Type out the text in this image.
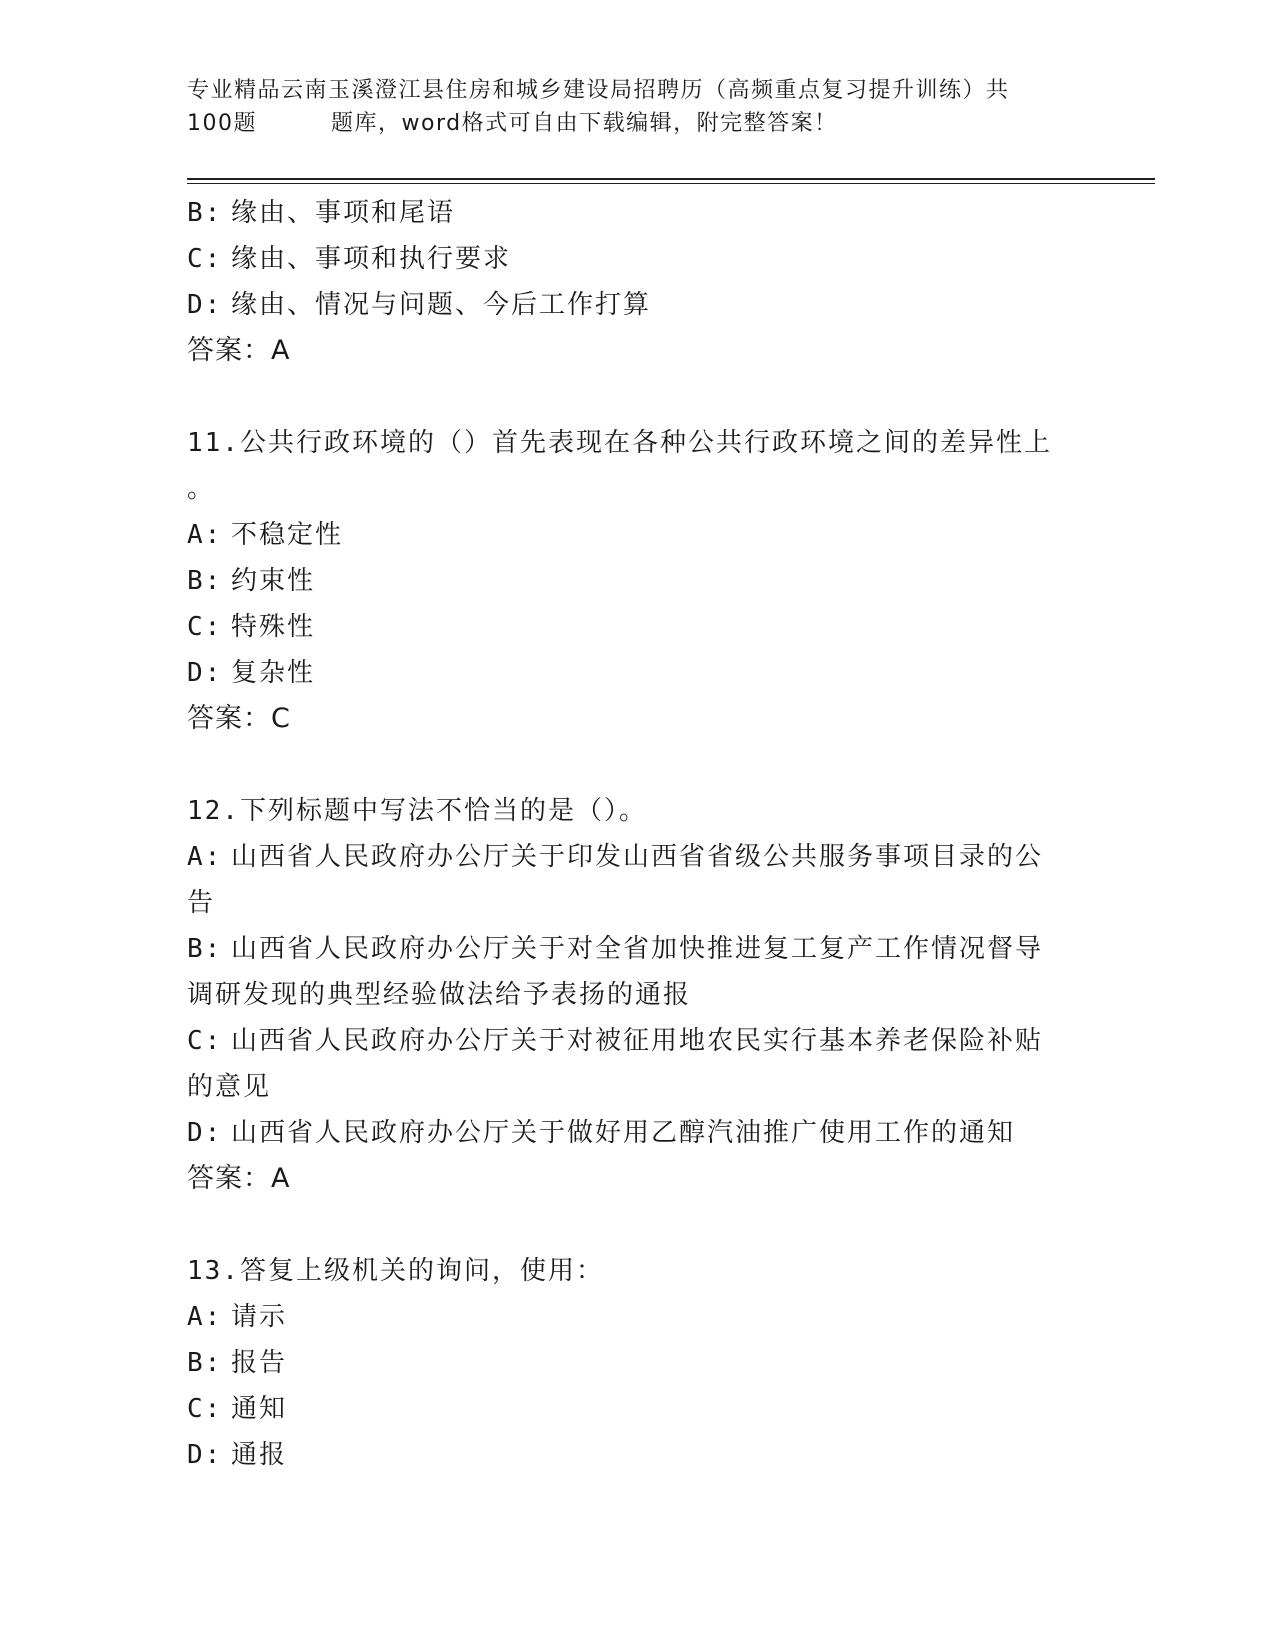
专业精品云南玉溪澄江县住房和城乡建设局招聘历（高频重点复习提升训练）共
100题	题库，word格式可自由下载编辑，附完整答案！
B: 缘由、事项和尾语
C: 缘由、事项和执行要求
D: 缘由、情况与问题、今后工作打算
答案：A
11.公共行政环境的（）首先表现在各种公共行政环境之间的差异性上
。
A: 不稳定性
B: 约束性
C: 特殊性
D: 复杂性
答案：C
12.下列标题中写法不恰当的是（）。
A: 山西省人民政府办公厅关于印发山西省省级公共服务事项目录的公
告
B: 山西省人民政府办公厅关于对全省加快推进复工复产工作情况督导
调研发现的典型经验做法给予表扬的通报
C: 山西省人民政府办公厅关于对被征用地农民实行基本养老保险补贴
的意见
D: 山西省人民政府办公厅关于做好用乙醇汽油推广使用工作的通知
答案：A
13.答复上级机关的询问，使用：
A: 请示
B: 报告
C: 通知
D: 通报
